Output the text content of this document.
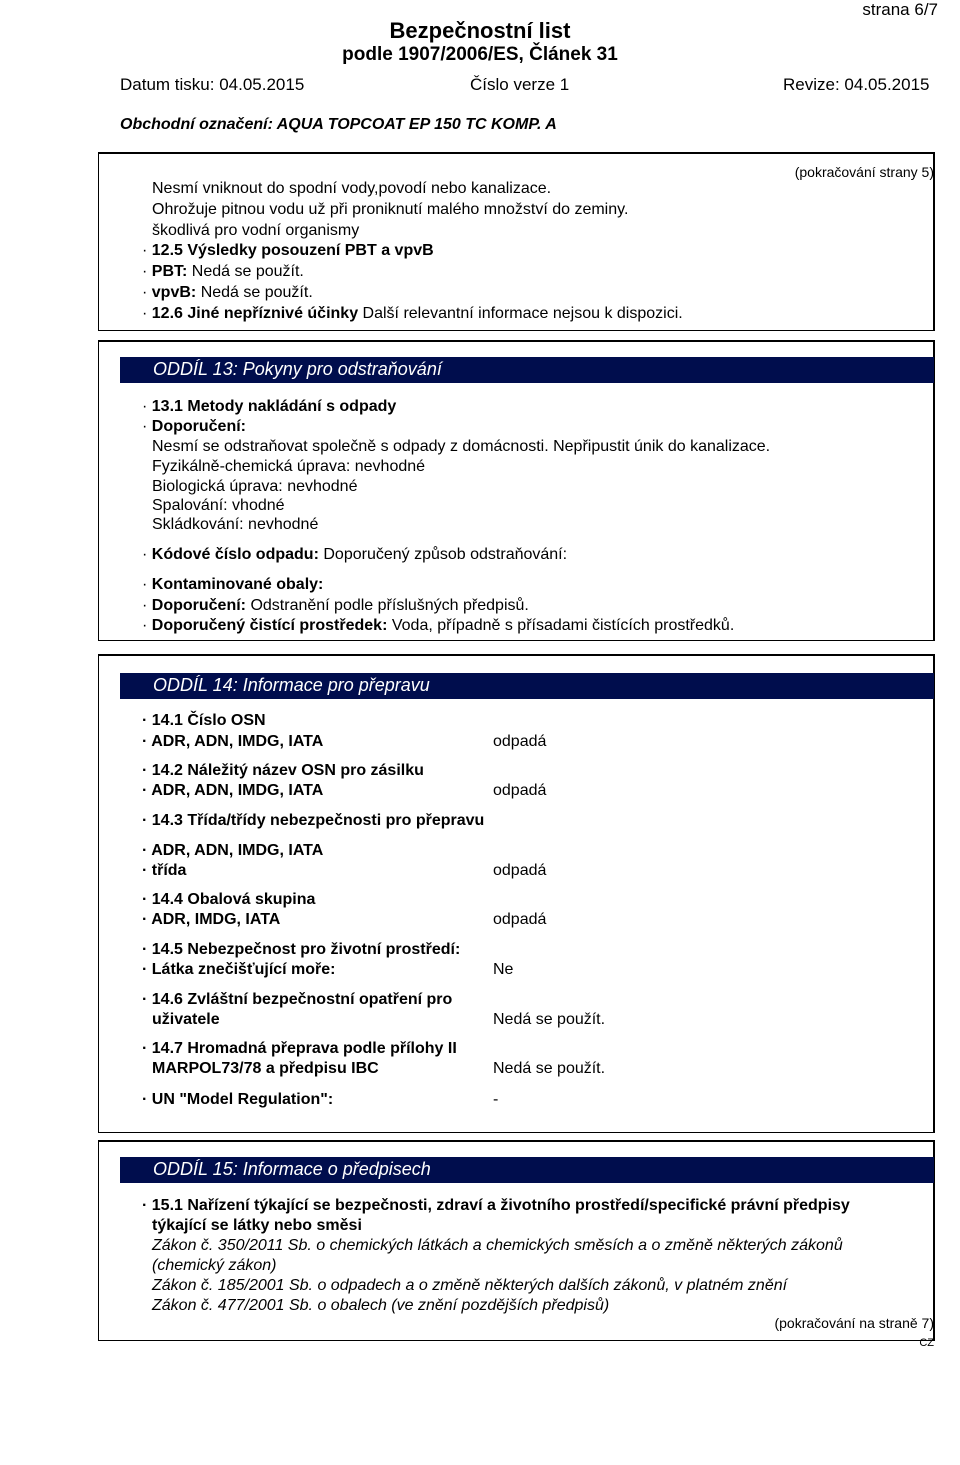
strana 6/7
Bezpečnostní list
podle 1907/2006/ES, Článek 31
Datum tisku: 04.05.2015	Číslo verze 1	Revize: 04.05.2015
Obchodní označení: AQUA TOPCOAT EP 150 TC KOMP. A
(pokračování strany 5)
Nesmí vniknout do spodní vody,povodí nebo kanalizace.
Ohrožuje pitnou vodu už při proniknutí malého množství do zeminy.
škodlivá pro vodní organismy
· 12.5 Výsledky posouzení PBT a vpvB
· PBT: Nedá se použít.
· vpvB: Nedá se použít.
· 12.6 Jiné nepříznivé účinky Další relevantní informace nejsou k dispozici.
ODDÍL 13: Pokyny pro odstraňování
· 13.1 Metody nakládání s odpady
· Doporučení:
Nesmí se odstraňovat společně s odpady z domácnosti. Nepřipustit únik do kanalizace.
Fyzikálně-chemická úprava: nevhodné
Biologická úprava: nevhodné
Spalování: vhodné
Skládkování: nevhodné
· Kódové číslo odpadu: Doporučený způsob odstraňování:
· Kontaminované obaly:
· Doporučení: Odstranění podle příslušných předpisů.
· Doporučený čistící prostředek: Voda, případně s přísadami čistících prostředků.
ODDÍL 14: Informace pro přepravu
· 14.1 Číslo OSN
· ADR, ADN, IMDG, IATA	odpadá
· 14.2 Náležitý název OSN pro zásilku
· ADR, ADN, IMDG, IATA	odpadá
· 14.3 Třída/třídy nebezpečnosti pro přepravu
· ADR, ADN, IMDG, IATA
· třída	odpadá
· 14.4 Obalová skupina
· ADR, IMDG, IATA	odpadá
· 14.5 Nebezpečnost pro životní prostředí:
· Látka znečišťující moře:	Ne
· 14.6 Zvláštní bezpečnostní opatření pro
uživatele	Nedá se použít.
· 14.7 Hromadná přeprava podle přílohy II
MARPOL73/78 a předpisu IBC	Nedá se použít.
· UN "Model Regulation":	-
ODDÍL 15: Informace o předpisech
· 15.1 Nařízení týkající se bezpečnosti, zdraví a životního prostředí/specifické právní předpisy
týkající se látky nebo směsi
Zákon č. 350/2011 Sb. o chemických látkách a chemických směsích a o změně některých zákonů
(chemický zákon)
Zákon č. 185/2001 Sb. o odpadech a o změně některých dalších zákonů, v platném znění
Zákon č. 477/2001 Sb. o obalech (ve znění pozdějších předpisů)
(pokračování na straně 7)
CZ
